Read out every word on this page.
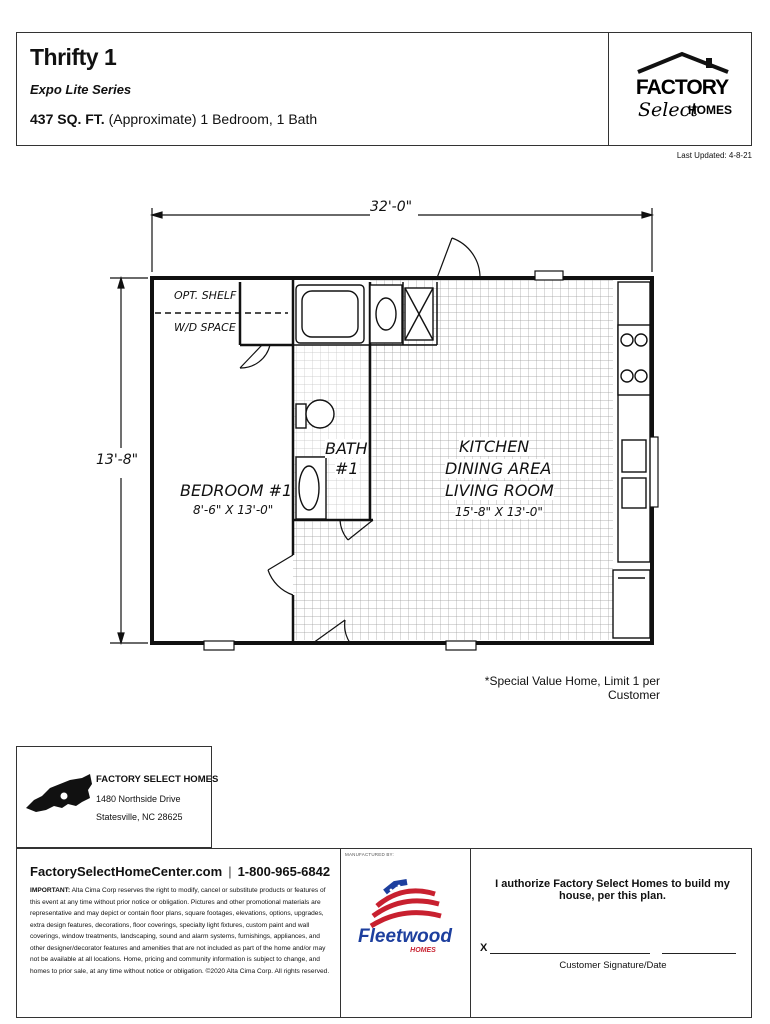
Thrifty 1
Expo Lite Series
437 SQ. FT. (Approximate) 1 Bedroom, 1 Bath
Last Updated: 4-8-21
FACTORY
Select
HOMES
32'-0"
13'-8"
OPT. SHELF
W/D SPACE
BATH
#1
BEDROOM #1
8'-6" X 13'-0"
KITCHEN
DINING AREA
LIVING ROOM
15'-8" X 13'-0"
*Special Value Home, Limit 1 per Customer
FACTORY SELECT HOMES
1480 Northside Drive
Statesville, NC 28625
FactorySelectHomeCenter.com | 1-800-965-6842
IMPORTANT: Alta Cima Corp reserves the right to modify, cancel or substitute products or features of this event at any time without prior notice or obligation. Pictures and other promotional materials are representative and may depict or contain floor plans, square footages, elevations, options, upgrades, extra design features, decorations, floor coverings, specialty light fixtures, custom paint and wall coverings, window treatments, landscaping, sound and alarm systems, furnishings, appliances, and other designer/decorator features and amenities that are not included as part of the home and/or may not be available at all locations. Home, pricing and community information is subject to change, and homes to prior sale, at any time without notice or obligation. ©2020 Alta Cima Corp. All rights reserved.
MANUFACTURED BY:
Fleetwood
HOMES
I authorize Factory Select Homes to build my house, per this plan.
X
Customer Signature/Date
